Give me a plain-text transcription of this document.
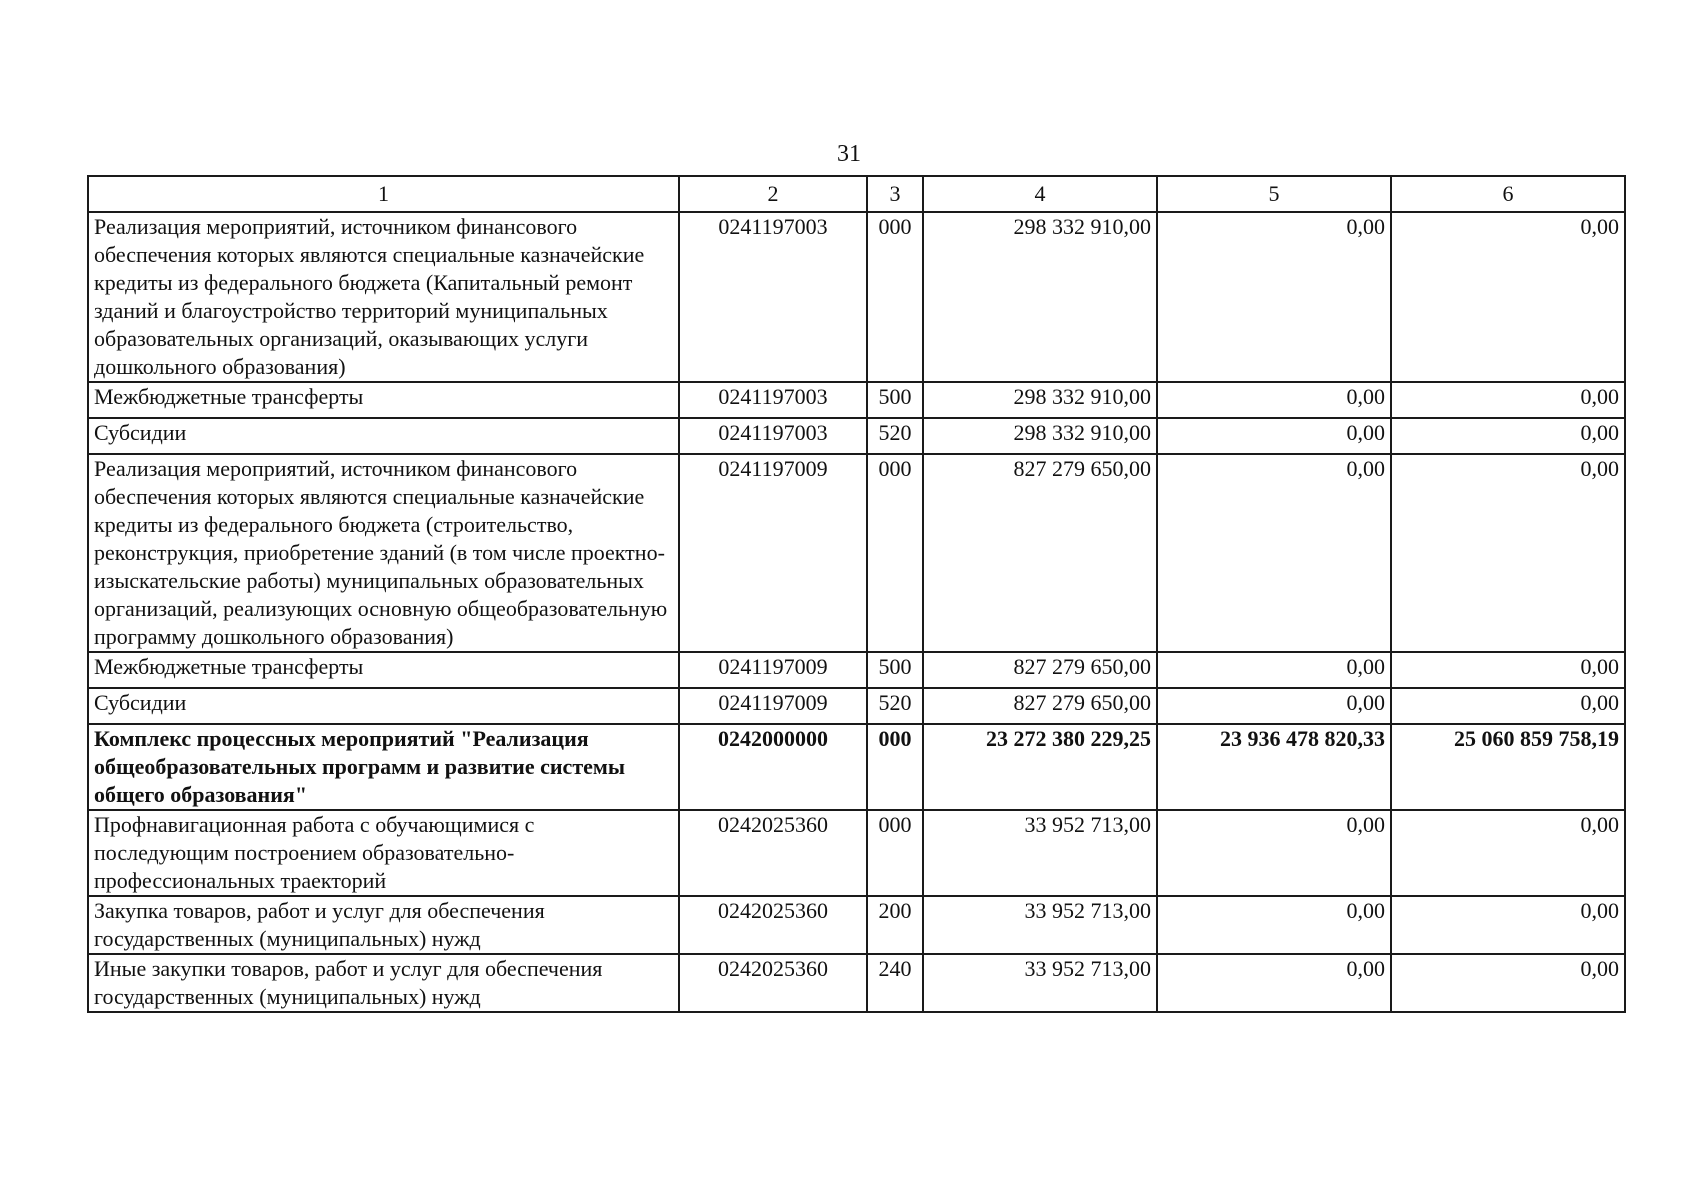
31
1	2	3	4	5	6
Реализация мероприятий, источником финансового обеспечения которых являются специальные казначейские кредиты из федерального бюджета (Капитальный ремонт зданий и благоустройство территорий муниципальных образовательных организаций, оказывающих услуги дошкольного образования)	0241197003	000	298 332 910,00	0,00	0,00
Межбюджетные трансферты	0241197003	500	298 332 910,00	0,00	0,00
Субсидии	0241197003	520	298 332 910,00	0,00	0,00
Реализация мероприятий, источником финансового обеспечения которых являются специальные казначейские кредиты из федерального бюджета (строительство, реконструкция, приобретение зданий (в том числе проектно-изыскательские работы) муниципальных образовательных организаций, реализующих основную общеобразовательную программу дошкольного образования)	0241197009	000	827 279 650,00	0,00	0,00
Межбюджетные трансферты	0241197009	500	827 279 650,00	0,00	0,00
Субсидии	0241197009	520	827 279 650,00	0,00	0,00
Комплекс процессных мероприятий "Реализация общеобразовательных программ и развитие системы общего образования"	0242000000	000	23 272 380 229,25	23 936 478 820,33	25 060 859 758,19
Профнавигационная работа с обучающимися с последующим построением образовательно-профессиональных траекторий	0242025360	000	33 952 713,00	0,00	0,00
Закупка товаров, работ и услуг для обеспечения государственных (муниципальных) нужд	0242025360	200	33 952 713,00	0,00	0,00
Иные закупки товаров, работ и услуг для обеспечения государственных (муниципальных) нужд	0242025360	240	33 952 713,00	0,00	0,00
